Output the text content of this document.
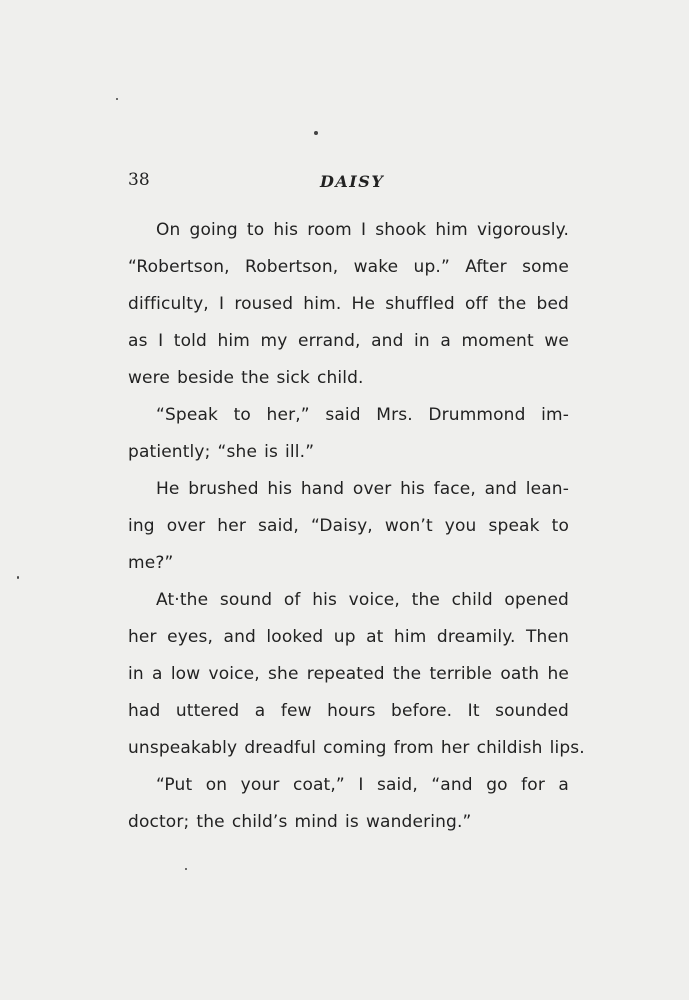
38	DAISY
On going to his room I shook him vigorously.
“Robertson, Robertson, wake up.” After some
difficulty, I roused him. He shuffled off the bed
as I told him my errand, and in a moment we
were beside the sick child.
“Speak to her,” said Mrs. Drummond im-
patiently; “she is ill.”
He brushed his hand over his face, and lean-
ing over her said, “Daisy, won’t you speak to
me?”
At·the sound of his voice, the child opened
her eyes, and looked up at him dreamily. Then
in a low voice, she repeated the terrible oath he
had uttered a few hours before. It sounded
unspeakably dreadful coming from her childish lips.
“Put on your coat,” I said, “and go for a
doctor; the child’s mind is wandering.”
